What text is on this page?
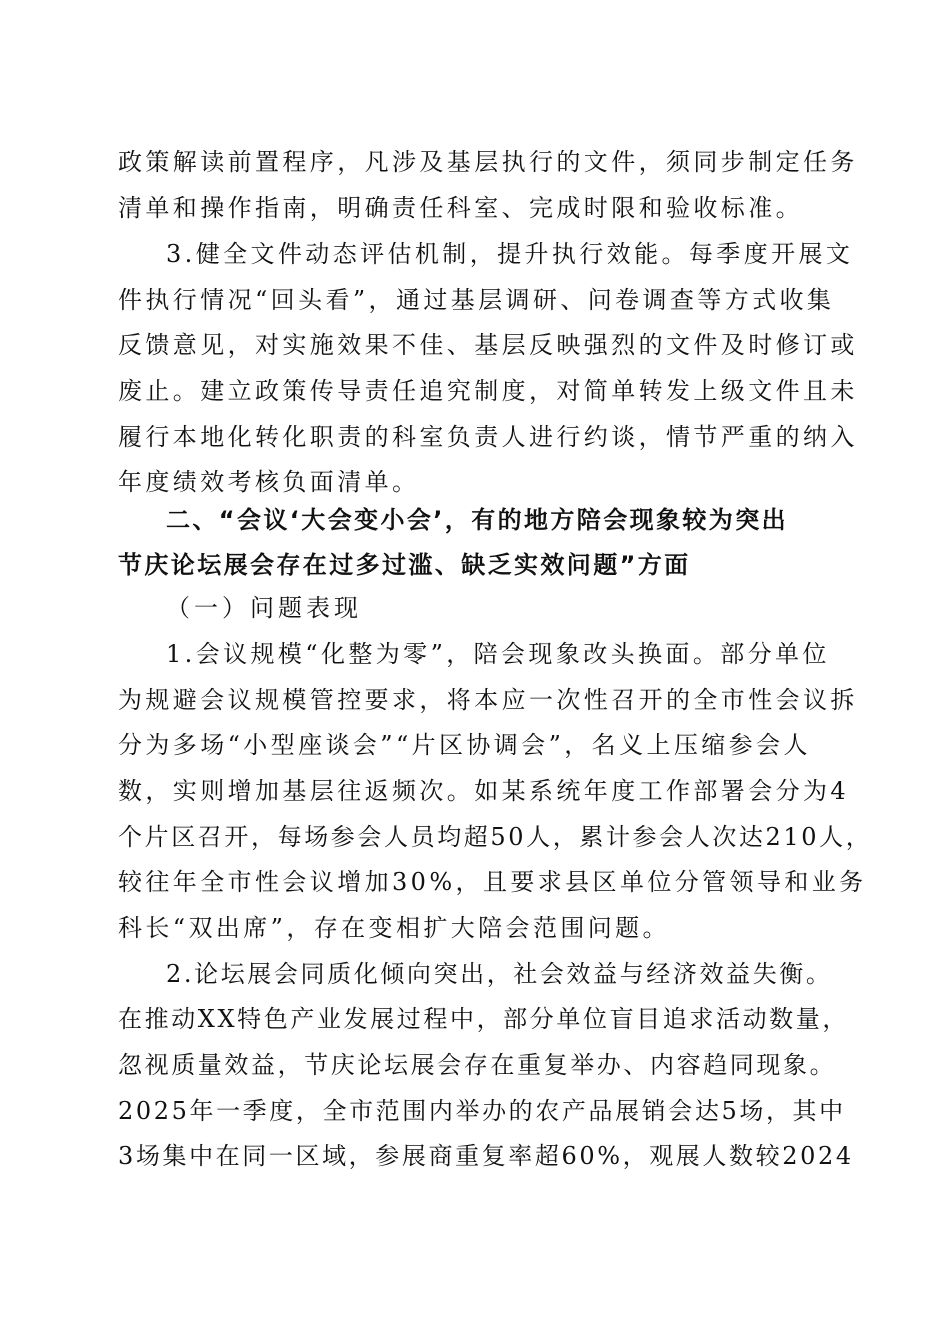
政策解读前置程序，凡涉及基层执行的文件，须同步制定任务
清单和操作指南，明确责任科室、完成时限和验收标准。
3.健全文件动态评估机制，提升执行效能。每季度开展文
件执行情况“回头看”，通过基层调研、问卷调查等方式收集
反馈意见，对实施效果不佳、基层反映强烈的文件及时修订或
废止。建立政策传导责任追究制度，对简单转发上级文件且未
履行本地化转化职责的科室负责人进行约谈，情节严重的纳入
年度绩效考核负面清单。
二、“会议‘大会变小会’，有的地方陪会现象较为突出
节庆论坛展会存在过多过滥、缺乏实效问题”方面
（一）问题表现
1.会议规模“化整为零”，陪会现象改头换面。部分单位
为规避会议规模管控要求，将本应一次性召开的全市性会议拆
分为多场“小型座谈会”“片区协调会”，名义上压缩参会人
数，实则增加基层往返频次。如某系统年度工作部署会分为4
个片区召开，每场参会人员均超50人，累计参会人次达210人，
较往年全市性会议增加30%，且要求县区单位分管领导和业务
科长“双出席”，存在变相扩大陪会范围问题。
2.论坛展会同质化倾向突出，社会效益与经济效益失衡。
在推动XX特色产业发展过程中，部分单位盲目追求活动数量，
忽视质量效益，节庆论坛展会存在重复举办、内容趋同现象。
2025年一季度，全市范围内举办的农产品展销会达5场，其中
3场集中在同一区域，参展商重复率超60%，观展人数较2024
